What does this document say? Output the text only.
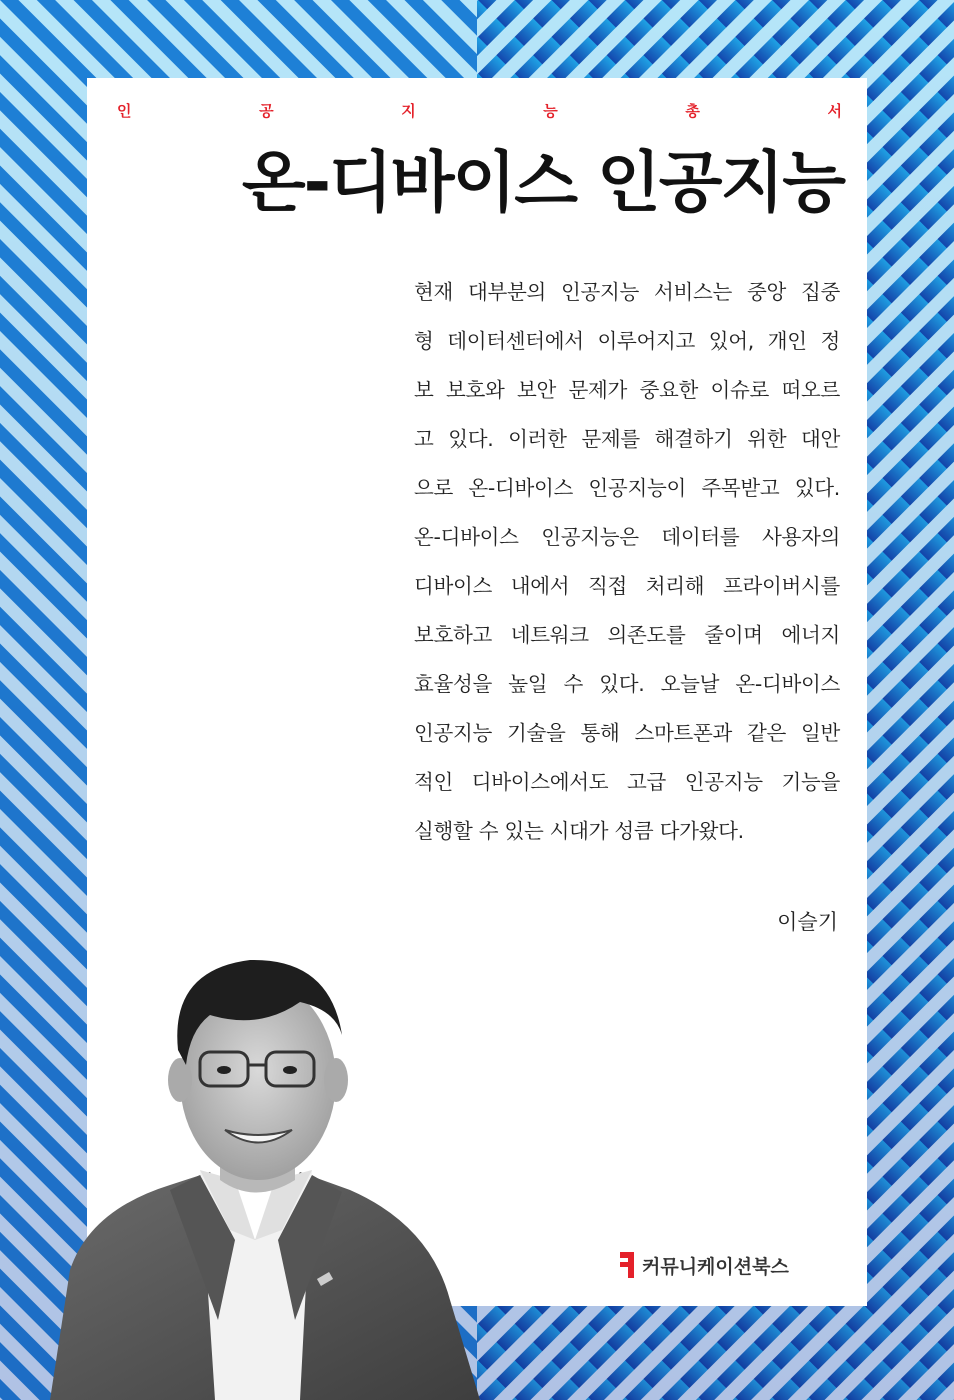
인	공	지	능	총	서
온-디바이스 인공지능
현재 대부분의 인공지능 서비스는 중앙 집중
형 데이터센터에서 이루어지고 있어, 개인 정
보 보호와 보안 문제가 중요한 이슈로 떠오르
고 있다. 이러한 문제를 해결하기 위한 대안
으로 온-디바이스 인공지능이 주목받고 있다.
온-디바이스 인공지능은 데이터를 사용자의
디바이스 내에서 직접 처리해 프라이버시를
보호하고 네트워크 의존도를 줄이며 에너지
효율성을 높일 수 있다. 오늘날 온-디바이스
인공지능 기술을 통해 스마트폰과 같은 일반
적인 디바이스에서도 고급 인공지능 기능을
실행할 수 있는 시대가 성큼 다가왔다.
이슬기
커뮤니케이션북스
